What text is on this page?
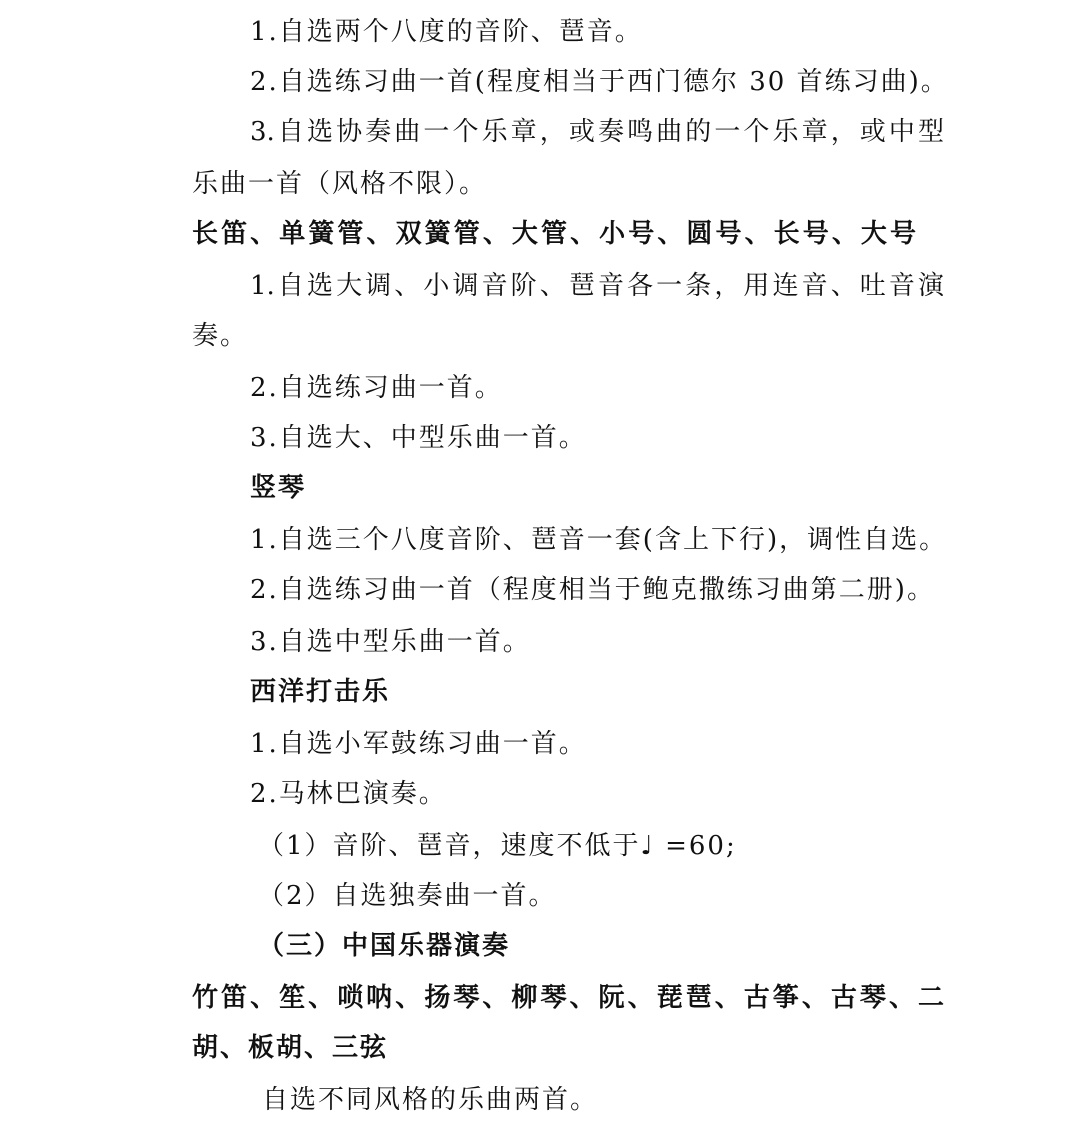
1.自选两个八度的音阶、琶音。
2.自选练习曲一首(程度相当于西门德尔 30 首练习曲)。
3.自选协奏曲一个乐章，或奏鸣曲的一个乐章，或中型
乐曲一首（风格不限）。
长笛、单簧管、双簧管、大管、小号、圆号、长号、大号
1.自选大调、小调音阶、琶音各一条，用连音、吐音演
奏。
2.自选练习曲一首。
3.自选大、中型乐曲一首。
竖琴
1.自选三个八度音阶、琶音一套(含上下行)，调性自选。
2.自选练习曲一首（程度相当于鲍克撒练习曲第二册)。
3.自选中型乐曲一首。
西洋打击乐
1.自选小军鼓练习曲一首。
2.马林巴演奏。
（1）音阶、琶音，速度不低于♩ =60;
（2）自选独奏曲一首。
（三）中国乐器演奏
竹笛、笙、唢呐、扬琴、柳琴、阮、琵琶、古筝、古琴、二
胡、板胡、三弦
自选不同风格的乐曲两首。
